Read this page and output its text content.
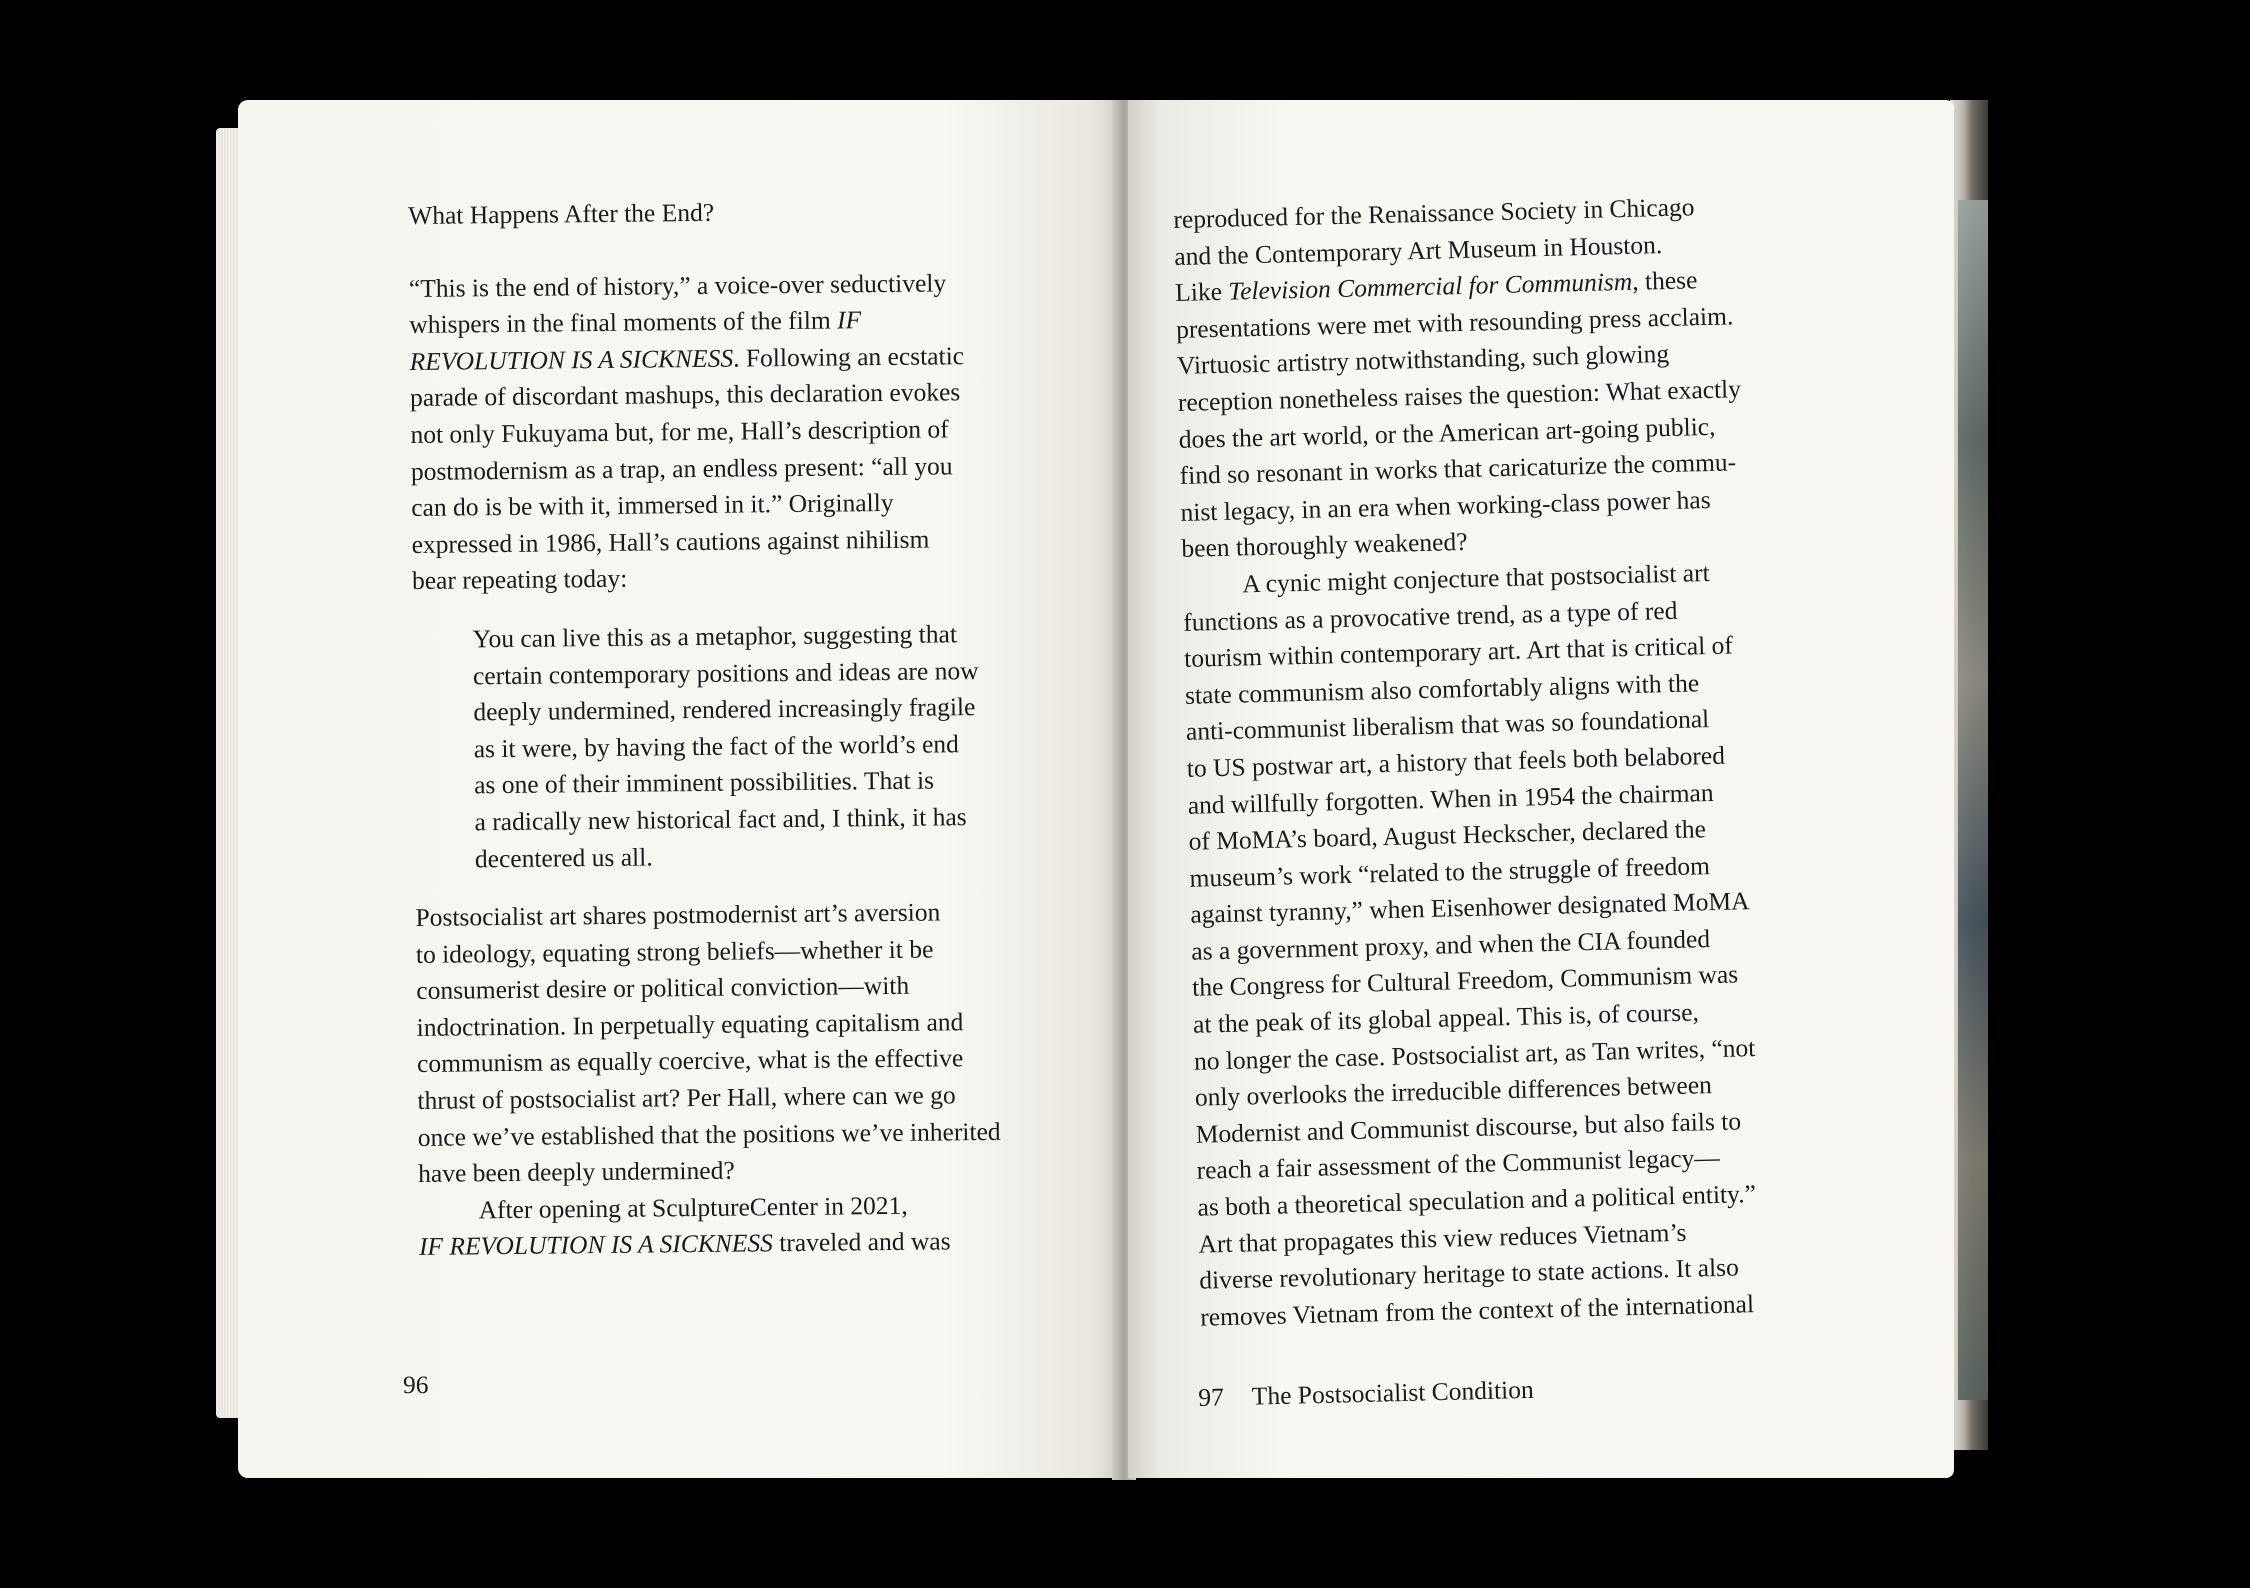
What Happens After the End?

“This is the end of history,” a voice-over seductively

whispers in the final moments of the film IF

REVOLUTION IS A SICKNESS. Following an ecstatic

parade of discordant mashups, this declaration evokes

not only Fukuyama but, for me, Hall’s description of

postmodernism as a trap, an endless present: “all you

can do is be with it, immersed in it.” Originally

expressed in 1986, Hall’s cautions against nihilism

bear repeating today:

You can live this as a metaphor, suggesting that

certain contemporary positions and ideas are now

deeply undermined, rendered increasingly fragile

as it were, by having the fact of the world’s end

as one of their imminent possibilities. That is

a radically new historical fact and, I think, it has

decentered us all.

Postsocialist art shares postmodernist art’s aversion

to ideology, equating strong beliefs—whether it be

consumerist desire or political conviction—with

indoctrination. In perpetually equating capitalism and

communism as equally coercive, what is the effective

thrust of postsocialist art? Per Hall, where can we go

once we’ve established that the positions we’ve inherited

have been deeply undermined?

After opening at SculptureCenter in 2021,

IF REVOLUTION IS A SICKNESS traveled and was

96

reproduced for the Renaissance Society in Chicago

and the Contemporary Art Museum in Houston.

Like Television Commercial for Communism, these

presentations were met with resounding press acclaim.

Virtuosic artistry notwithstanding, such glowing

reception nonetheless raises the question: What exactly

does the art world, or the American art-going public,

find so resonant in works that caricaturize the commu-

nist legacy, in an era when working-class power has

been thoroughly weakened?

A cynic might conjecture that postsocialist art

functions as a provocative trend, as a type of red

tourism within contemporary art. Art that is critical of

state communism also comfortably aligns with the

anti-communist liberalism that was so foundational

to US postwar art, a history that feels both belabored

and willfully forgotten. When in 1954 the chairman

of MoMA’s board, August Heckscher, declared the

museum’s work “related to the struggle of freedom

against tyranny,” when Eisenhower designated MoMA

as a government proxy, and when the CIA founded

the Congress for Cultural Freedom, Communism was

at the peak of its global appeal. This is, of course,

no longer the case. Postsocialist art, as Tan writes, “not

only overlooks the irreducible differences between

Modernist and Communist discourse, but also fails to

reach a fair assessment of the Communist legacy—

as both a theoretical speculation and a political entity.”

Art that propagates this view reduces Vietnam’s

diverse revolutionary heritage to state actions. It also

removes Vietnam from the context of the international

97 The Postsocialist Condition
